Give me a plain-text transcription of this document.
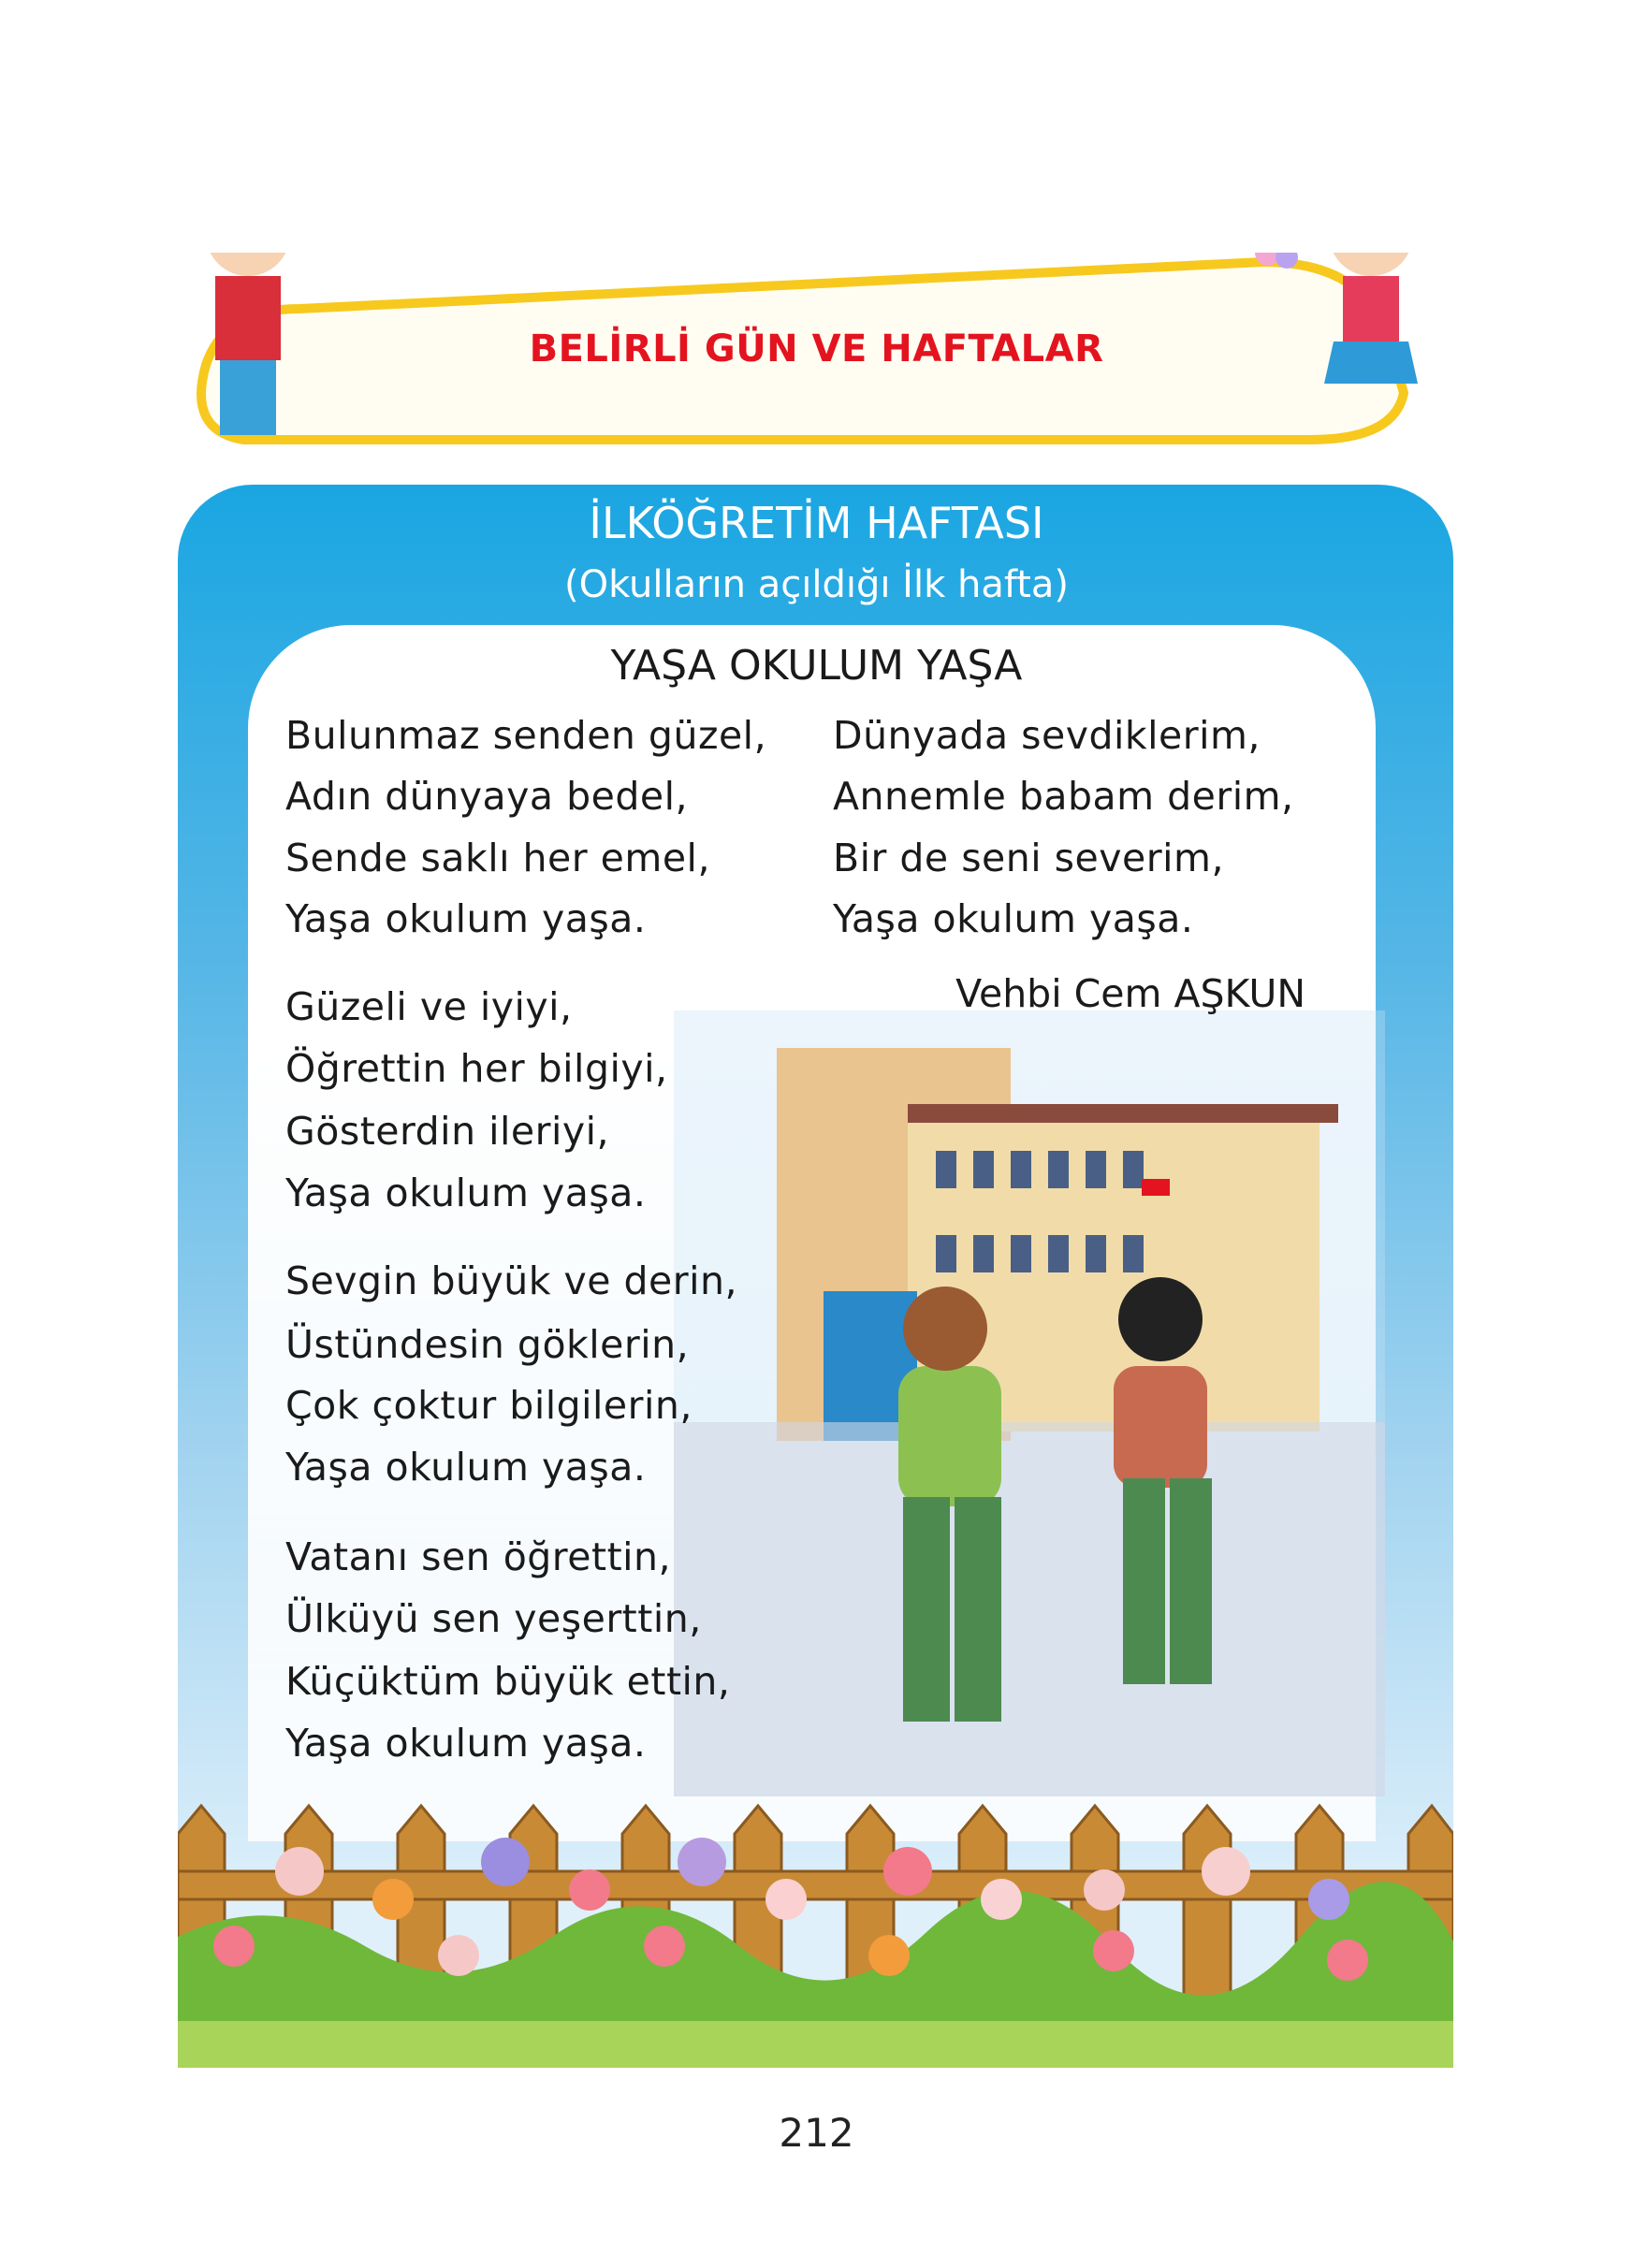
BELİRLİ GÜN VE HAFTALAR
İLKÖĞRETİM HAFTASI
(Okulların açıldığı İlk hafta)
YAŞA OKULUM YAŞA
Bulunmaz senden güzel,
Adın dünyaya bedel,
Sende saklı her emel,
Yaşa okulum yaşa.
Güzeli ve iyiyi,
Öğrettin her bilgiyi,
Gösterdin ileriyi,
Yaşa okulum yaşa.
Sevgin büyük ve derin,
Üstündesin göklerin,
Çok çoktur bilgilerin,
Yaşa okulum yaşa.
Vatanı sen öğrettin,
Ülküyü sen yeşerttin,
Küçüktüm büyük ettin,
Yaşa okulum yaşa.
Dünyada sevdiklerim,
Annemle babam derim,
Bir de seni severim,
Yaşa okulum yaşa.
Vehbi Cem AŞKUN
212
